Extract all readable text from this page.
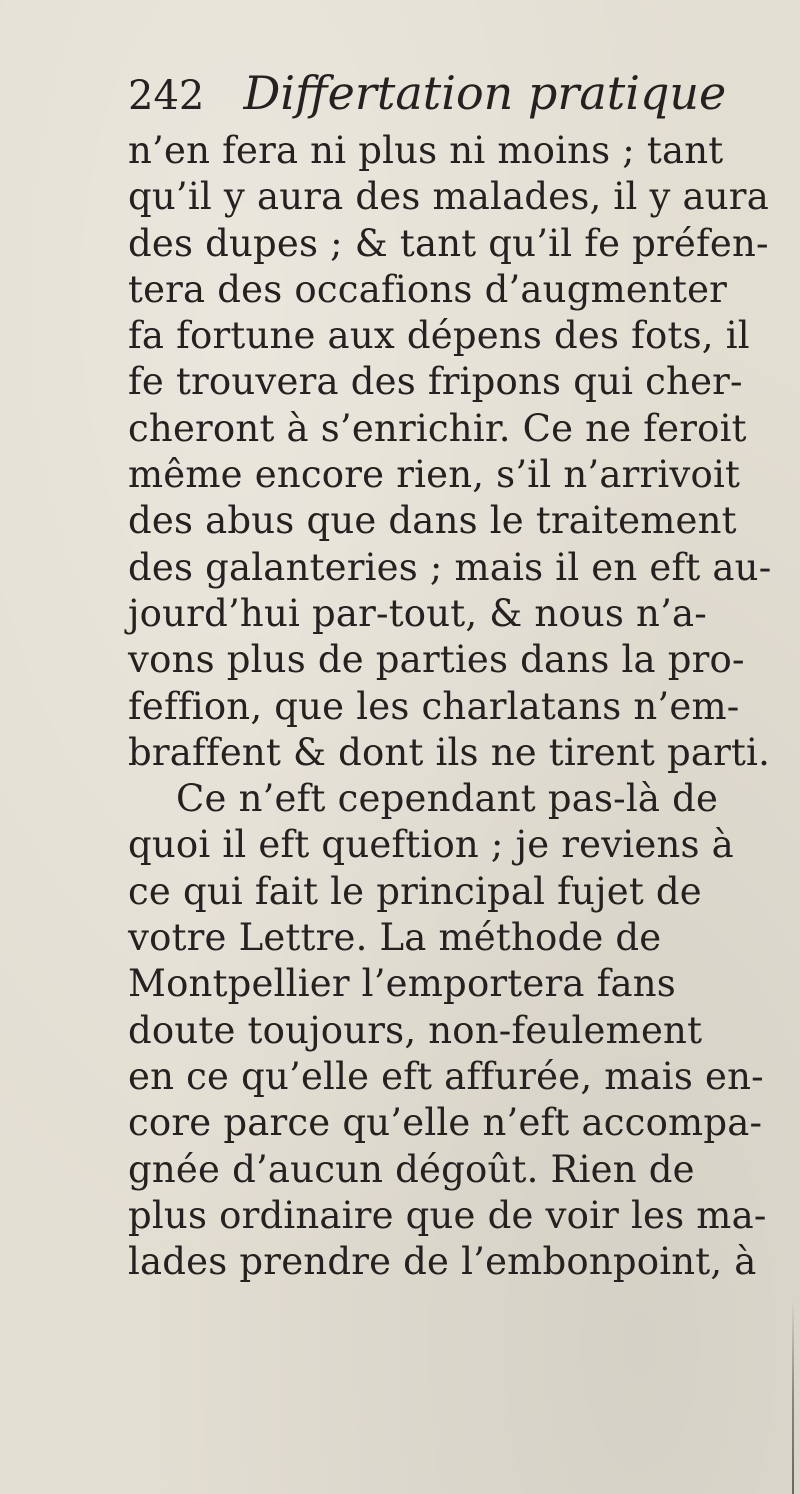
242 Differtation pratique
n’en fera ni plus ni moins ; tant
qu’il y aura des malades, il y aura
des dupes ; & tant qu’il fe préfen-
tera des occafions d’augmenter
fa fortune aux dépens des fots, il
fe trouvera des fripons qui cher-
cheront à s’enrichir. Ce ne feroit
même encore rien, s’il n’arrivoit
des abus que dans le traitement
des galanteries ; mais il en eft au-
jourd’hui par-tout, & nous n’a-
vons plus de parties dans la pro-
feffion, que les charlatans n’em-
braffent & dont ils ne tirent parti.
Ce n’eft cependant pas-là de
quoi il eft queftion ; je reviens à
ce qui fait le principal fujet de
votre Lettre. La méthode de
Montpellier l’emportera fans
doute toujours, non-feulement
en ce qu’elle eft affurée, mais en-
core parce qu’elle n’eft accompa-
gnée d’aucun dégoût. Rien de
plus ordinaire que de voir les ma-
lades prendre de l’embonpoint, à
